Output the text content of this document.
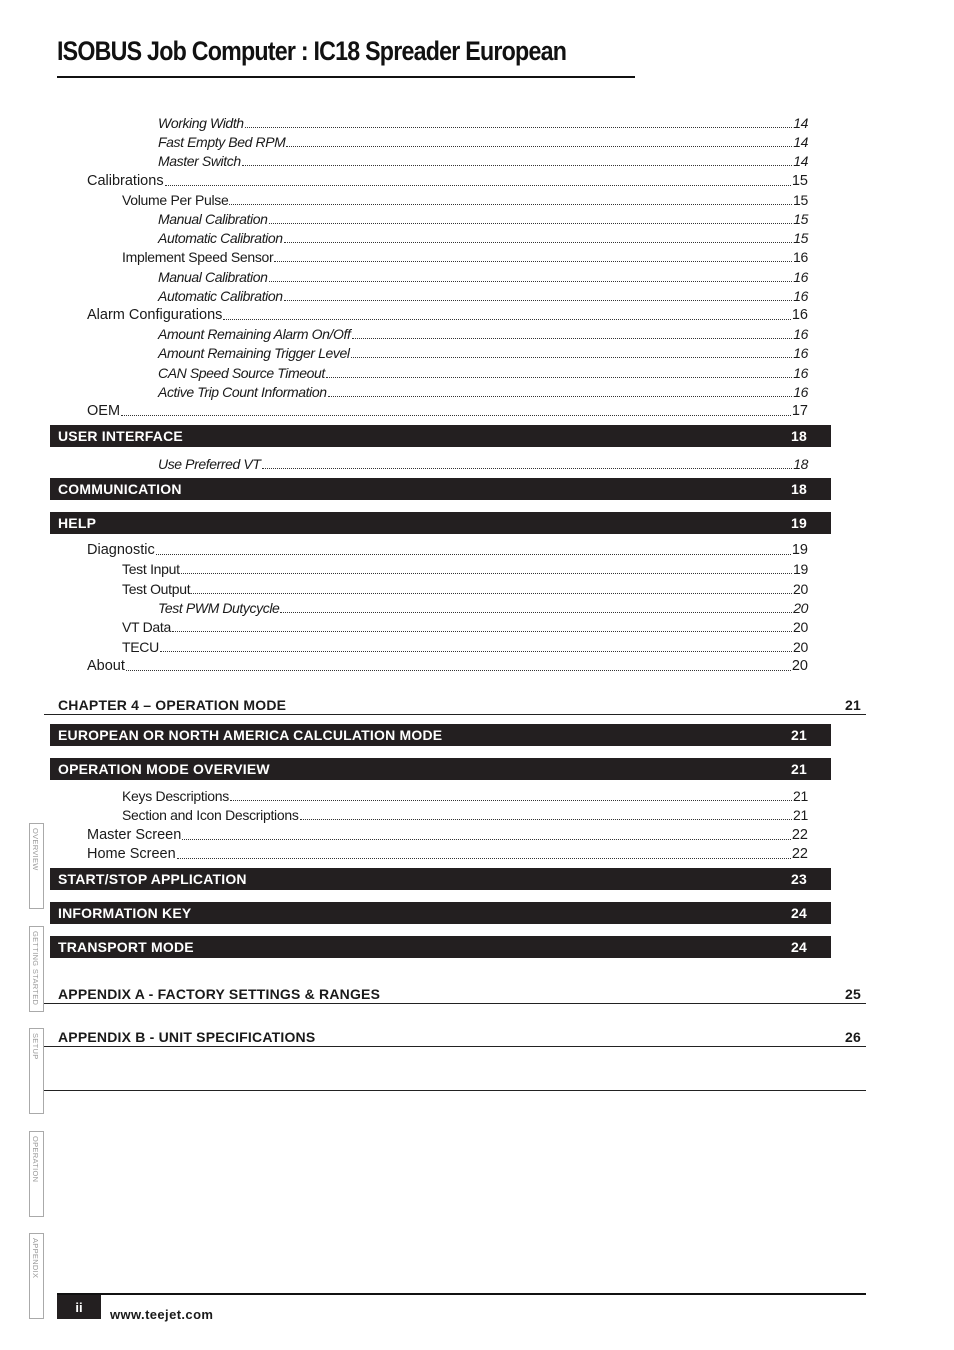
ISOBUS Job Computer : IC18 Spreader European
Working Width	14
Fast Empty Bed RPM	14
Master Switch	14
Calibrations	15
Volume Per Pulse	15
Manual Calibration	15
Automatic Calibration	15
Implement Speed Sensor	16
Manual Calibration	16
Automatic Calibration	16
Alarm Configurations	16
Amount Remaining Alarm On/Off	16
Amount Remaining Trigger Level	16
CAN Speed Source Timeout	16
Active Trip Count Information	16
OEM	17
USER INTERFACE	18
Use Preferred VT	18
COMMUNICATION	18
HELP	19
Diagnostic	19
Test Input	19
Test Output	20
Test PWM Dutycycle	20
VT Data	20
TECU	20
About	20
CHAPTER 4 – OPERATION MODE	21
EUROPEAN OR NORTH AMERICA CALCULATION MODE	21
OPERATION MODE OVERVIEW	21
Keys Descriptions	21
Section and Icon Descriptions	21
Master Screen	22
Home Screen	22
START/STOP APPLICATION	23
INFORMATION KEY	24
TRANSPORT MODE	24
APPENDIX A - FACTORY SETTINGS & RANGES	25
APPENDIX B - UNIT SPECIFICATIONS	26
OVERVIEW
GETTING STARTED
SETUP
OPERATION
APPENDIX
ii	www.teejet.com
